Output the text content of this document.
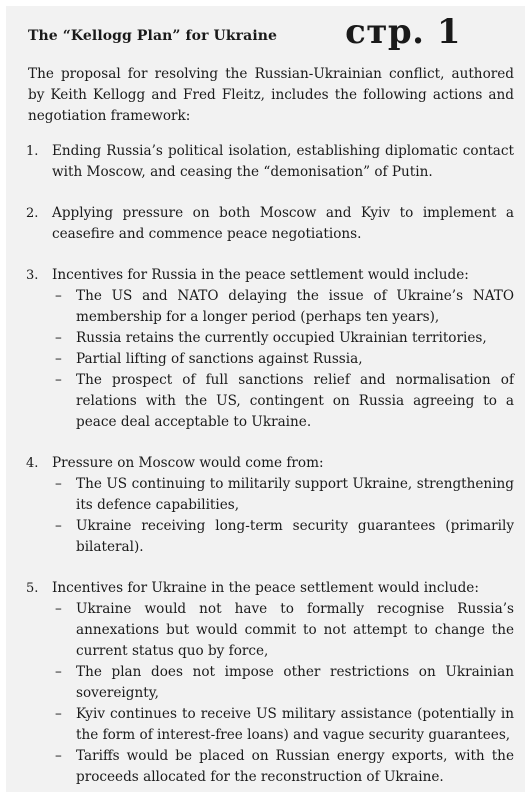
The “Kellogg Plan” for Ukraine стр. 1

The proposal for resolving the Russian-Ukrainian conflict, authored by Keith Kellogg and Fred Fleitz, includes the following actions and negotiation framework:

1. Ending Russia’s political isolation, establishing diplomatic contact with Moscow, and ceasing the “demonisation” of Putin.
2. Applying pressure on both Moscow and Kyiv to implement a ceasefire and commence peace negotiations.
3. Incentives for Russia in the peace settlement would include:
– The US and NATO delaying the issue of Ukraine’s NATO membership for a longer period (perhaps ten years),
– Russia retains the currently occupied Ukrainian territories,
– Partial lifting of sanctions against Russia,
– The prospect of full sanctions relief and normalisation of relations with the US, contingent on Russia agreeing to a peace deal acceptable to Ukraine.
4. Pressure on Moscow would come from:
– The US continuing to militarily support Ukraine, strengthening its defence capabilities,
– Ukraine receiving long-term security guarantees (primarily bilateral).
5. Incentives for Ukraine in the peace settlement would include:
– Ukraine would not have to formally recognise Russia’s annexations but would commit to not attempt to change the current status quo by force,
– The plan does not impose other restrictions on Ukrainian sovereignty,
– Kyiv continues to receive US military assistance (potentially in the form of interest-free loans) and vague security guarantees,
– Tariffs would be placed on Russian energy exports, with the proceeds allocated for the reconstruction of Ukraine.
